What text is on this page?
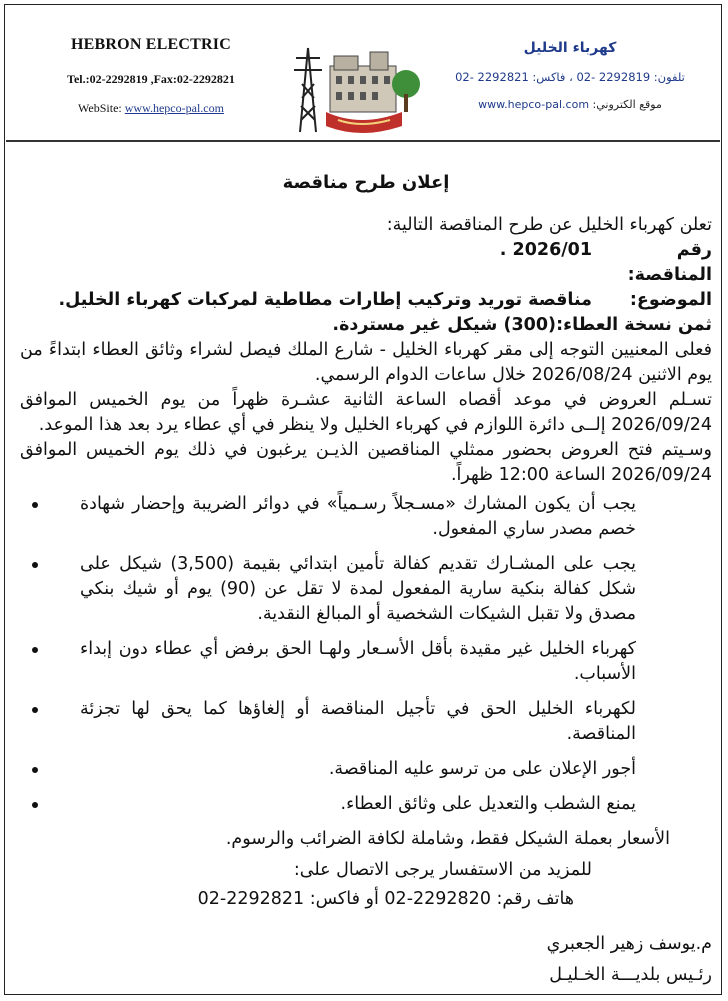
HEBRON ELECTRIC
Tel.:02-2292819 ,Fax:02-2292821
WebSite: www.hepco-pal.com
كهرباء الخليل
تلفون: 2292819 -02 ، فاكس: 2292821 -02
موقع الكتروني: www.hepco-pal.com
إعلان طرح مناقصة

تعلن كهرباء الخليل عن طرح المناقصة التالية:

رقم المناقصة:
2026/01 .
الموضوع:
مناقصة توريد وتركيب إطارات مطاطية لمركبات كهرباء الخليل.
ثمن نسخة العطاء:
(300) شيكل غير مستردة.

فعلى المعنيين التوجه إلى مقر كهرباء الخليل - شارع الملك فيصل لشراء وثائق العطاء ابتداءً من يوم الاثنين 2026/08/24 خلال ساعات الدوام الرسمي.

تسـلم العروض في موعد أقصاه الساعة الثانية عشـرة ظهراً من يوم الخميس الموافق 2026/09/24 إلــى دائرة اللوازم في كهرباء الخليل ولا ينظر في أي عطاء يرد بعد هذا الموعد.

وسـيتم فتح العروض بحضور ممثلي المناقصين الذيـن يرغبون في ذلك يوم الخميس الموافق 2026/09/24 الساعة 12:00 ظهراً.

يجب أن يكون المشارك «مسـجلاً رسـمياً» في دوائر الضريبة وإحضار شهادة خصم مصدر ساري المفعول.
يجب على المشـارك تقديم كفالة تأمين ابتدائي بقيمة (3,500) شيكل على شكل كفالة بنكية سارية المفعول لمدة لا تقل عن (90) يوم أو شيك بنكي مصدق ولا تقبل الشيكات الشخصية أو المبالغ النقدية.
كهرباء الخليل غير مقيدة بأقل الأسـعار ولهـا الحق برفض أي عطاء دون إبداء الأسباب.
لكهرباء الخليل الحق في تأجيل المناقصة أو إلغاؤها كما يحق لها تجزئة المناقصة.
أجور الإعلان على من ترسو عليه المناقصة.
يمنع الشطب والتعديل على وثائق العطاء.

الأسعار بعملة الشيكل فقط، وشاملة لكافة الضرائب والرسوم.

للمزيد من الاستفسار يرجى الاتصال على:

هاتف رقم: 2292820-02 أو فاكس: 2292821-02

م.يوسف زهير الجعبري

رئـيس بلديـــة الخـليـل
